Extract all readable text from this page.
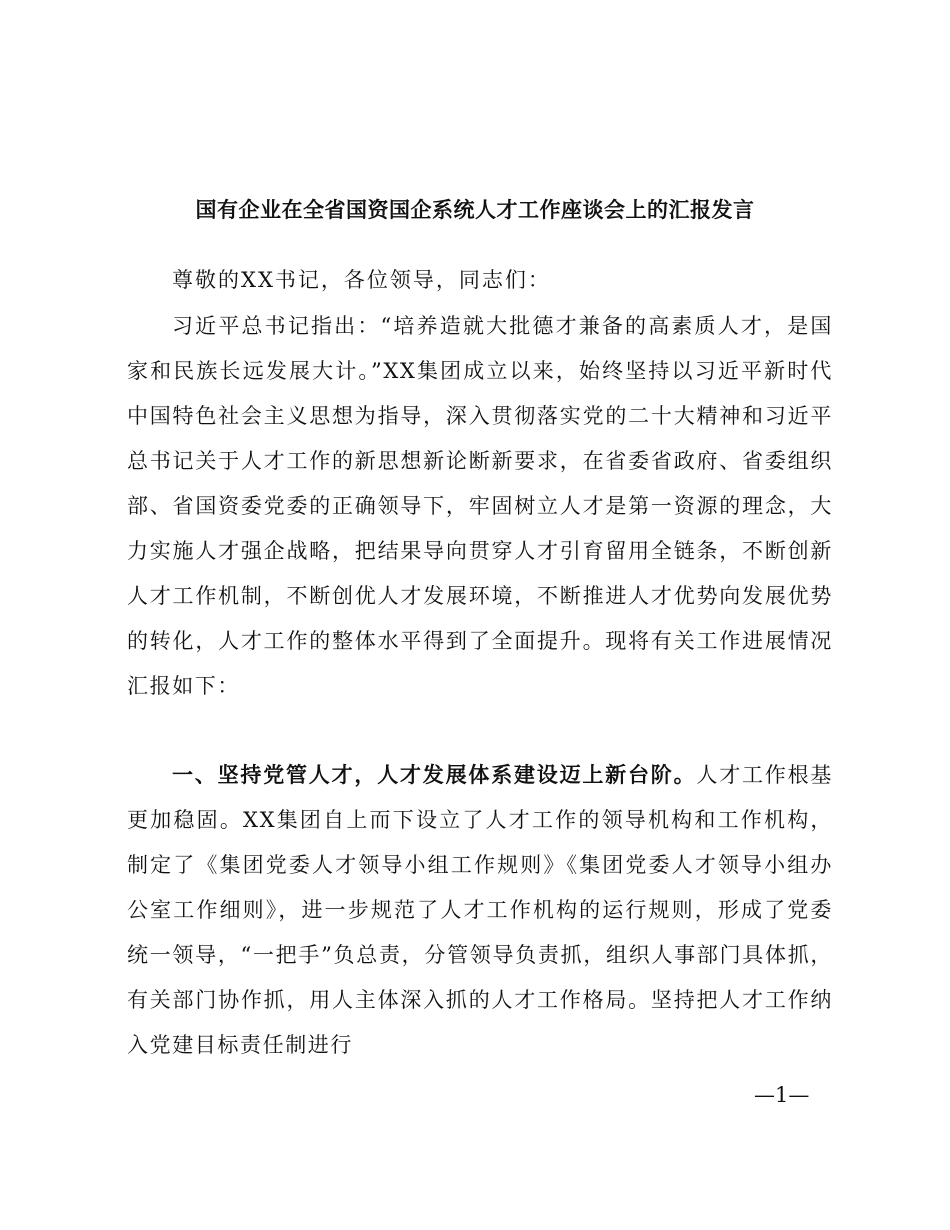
国有企业在全省国资国企系统人才工作座谈会上的汇报发言
尊敬的XX书记，各位领导，同志们：
习近平总书记指出：“培养造就大批德才兼备的高素质人才，是国家和民族长远发展大计。”XX集团成立以来，始终坚持以习近平新时代中国特色社会主义思想为指导，深入贯彻落实党的二十大精神和习近平总书记关于人才工作的新思想新论断新要求，在省委省政府、省委组织部、省国资委党委的正确领导下，牢固树立人才是第一资源的理念，大力实施人才强企战略，把结果导向贯穿人才引育留用全链条，不断创新人才工作机制，不断创优人才发展环境，不断推进人才优势向发展优势的转化，人才工作的整体水平得到了全面提升。现将有关工作进展情况汇报如下：
一、坚持党管人才，人才发展体系建设迈上新台阶。人才工作根基更加稳固。XX集团自上而下设立了人才工作的领导机构和工作机构，制定了《集团党委人才领导小组工作规则》《集团党委人才领导小组办公室工作细则》，进一步规范了人才工作机构的运行规则，形成了党委统一领导，“一把手”负总责，分管领导负责抓，组织人事部门具体抓，有关部门协作抓，用人主体深入抓的人才工作格局。坚持把人才工作纳入党建目标责任制进行
—1—
